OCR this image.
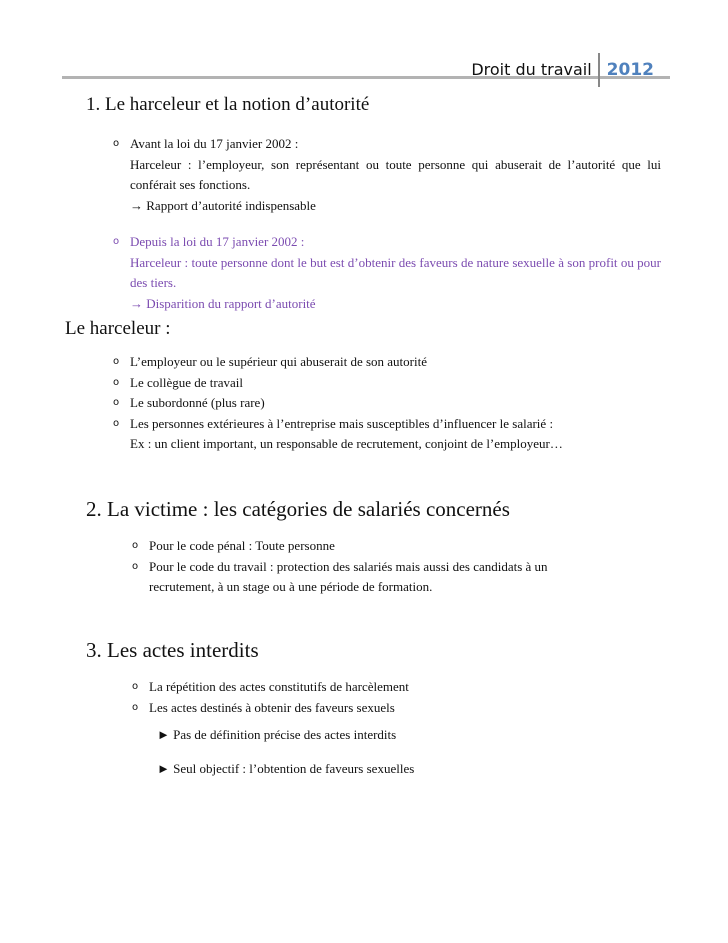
Droit du travail 2012
1. Le harceleur et la notion d’autorité
o Avant la loi du 17 janvier 2002 :
Harceleur : l’employeur, son représentant ou toute personne qui abuserait de l’autorité que lui conférait ses fonctions.
→ Rapport d’autorité indispensable
o Depuis la loi du 17 janvier 2002 :
Harceleur : toute personne dont le but est d’obtenir des faveurs de nature sexuelle à son profit ou pour des tiers.
→ Disparition du rapport d’autorité
Le harceleur :
o L’employeur ou le supérieur qui abuserait de son autorité
o Le collègue de travail
o Le subordonné (plus rare)
o Les personnes extérieures à l’entreprise mais susceptibles d’influencer le salarié :
Ex : un client important, un responsable de recrutement, conjoint de l’employeur…
2. La victime : les catégories de salariés concernés
o Pour le code pénal : Toute personne
o Pour le code du travail : protection des salariés mais aussi des candidats à un recrutement, à un stage ou à une période de formation.
3. Les actes interdits
o La répétition des actes constitutifs de harcèlement
o Les actes destinés à obtenir des faveurs sexuels
► Pas de définition précise des actes interdits
► Seul objectif : l’obtention de faveurs sexuelles
